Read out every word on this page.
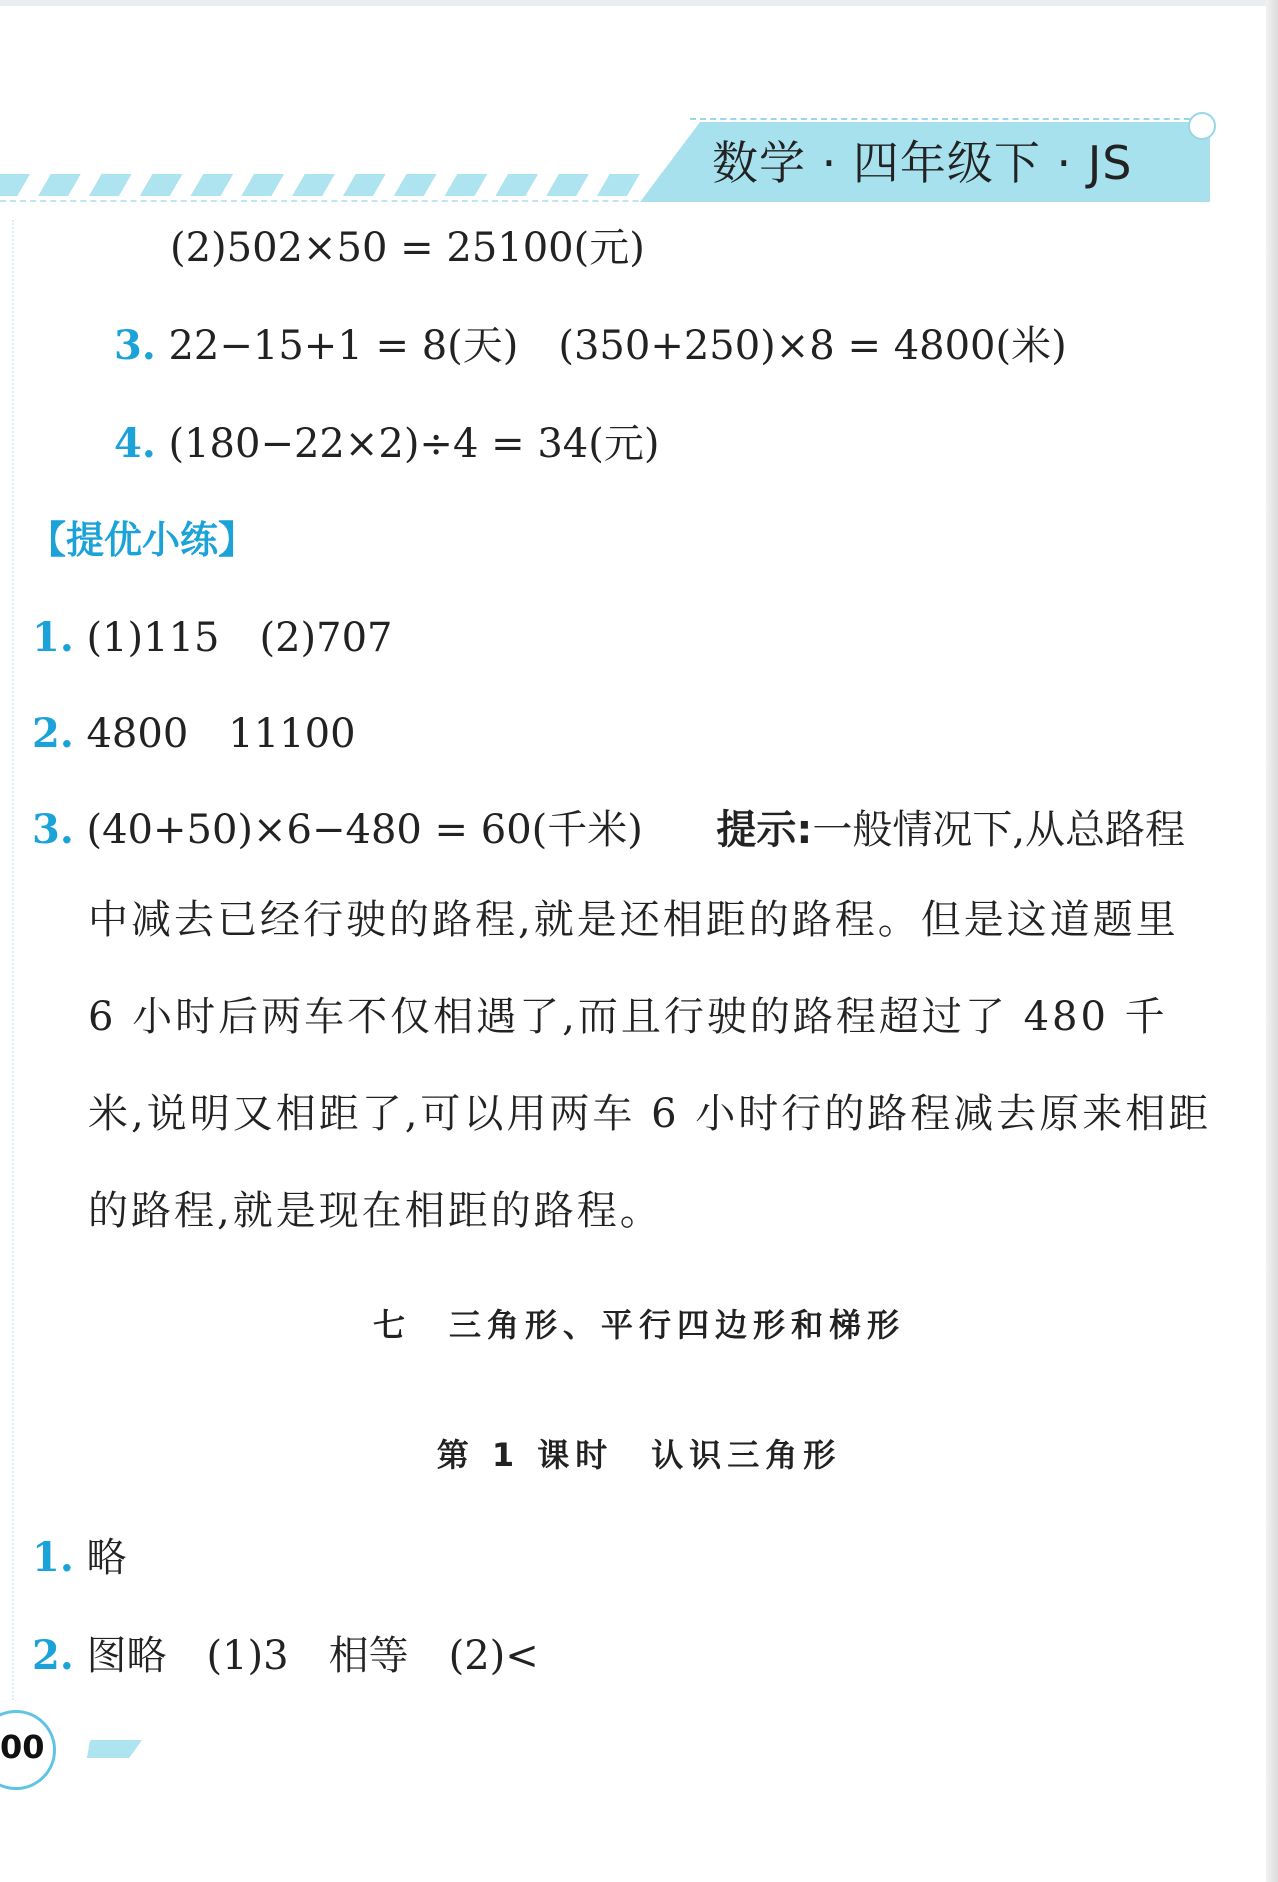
数学 · 四年级下 · JS
(2)502×50 = 25100(元)
3. 22−15+1 = 8(天)　(350+250)×8 = 4800(米)
4. (180−22×2)÷4 = 34(元)
【提优小练】
1. (1)115　(2)707
2. 4800　11100
3. (40+50)×6−480 = 60(千米) 提示:一般情况下,从总路程
中减去已经行驶的路程,就是还相距的路程。但是这道题里 6 小时后两车不仅相遇了,而且行驶的路程超过了 480 千米,说明又相距了,可以用两车 6 小时行的路程减去原来相距的路程,就是现在相距的路程。
七　三角形、平行四边形和梯形
第 1 课时　认识三角形
1. 略
2. 图略　(1)3　相等　(2)<
00
